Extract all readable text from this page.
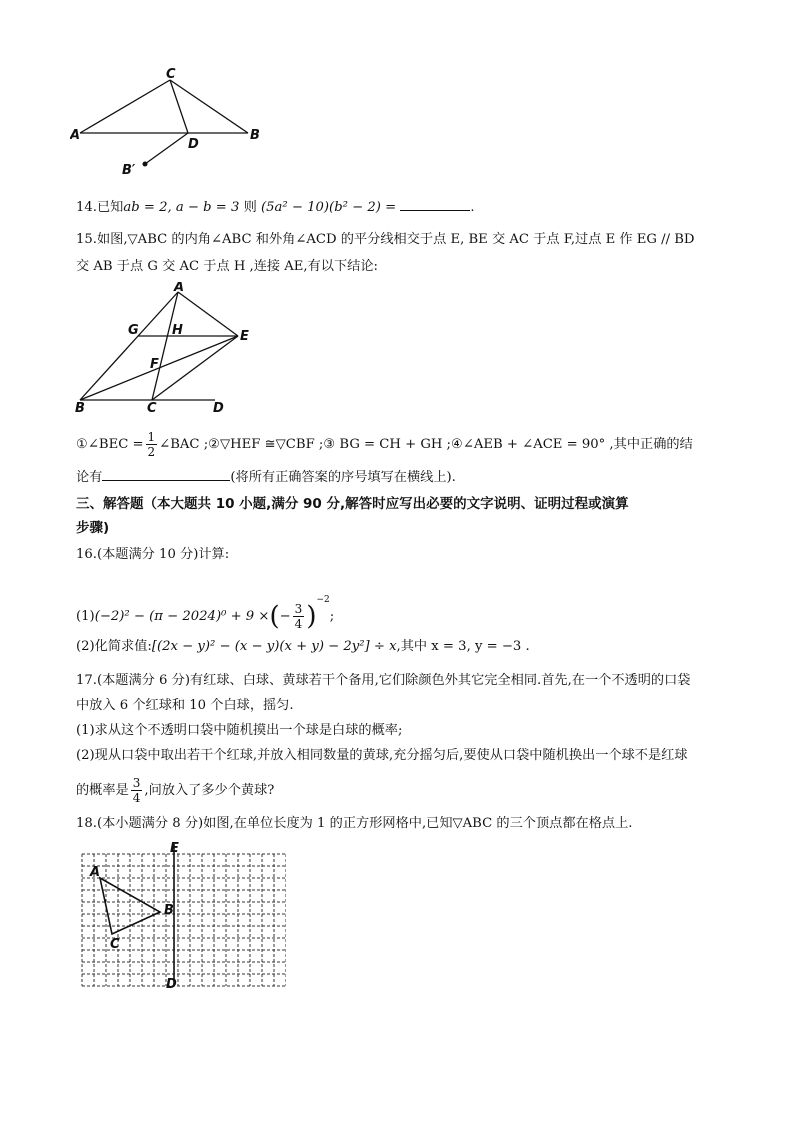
C
A	B
D
B′
14.已知ab = 2, a − b = 3 则 (5a² − 10)(b² − 2) =	.
15.如图,▽ABC 的内角∠ABC 和外角∠ACD 的平分线相交于点 E, BE 交 AC 于点 F,过点 E 作 EG // BD
交 AB 于点 G 交 AC 于点 H ,连接 AE,有以下结论:
A
G	H	E
F
B	C	D
①∠BEC = $\frac{1}{2}$ ∠BAC ;②▽HEF ≅▽CBF ;③ BG = CH + GH ;④∠AEB + ∠ACE = 90° ,其中正确的结
论有	(将所有正确答案的序号填写在横线上).
三、解答题（本大题共 10 小题,满分 90 分,解答时应写出必要的文字说明、证明过程或演算
步骤)
16.(本题满分 10 分)计算:
(1)(−2)² − (π − 2024)⁰ + 9 ×(− $\frac{3}{4} )^{-2}$;
(2)化简求值:[(2x − y)² − (x − y)(x + y) − 2y²] ÷ x,其中 x = 3, y = −3 .
17.(本题满分 6 分)有红球、白球、黄球若干个备用,它们除颜色外其它完全相同.首先,在一个不透明的口袋
中放入 6 个红球和 10 个白球，摇匀.
(1)求从这个不透明口袋中随机摸出一个球是白球的概率;
(2)现从口袋中取出若干个红球,并放入相同数量的黄球,充分摇匀后,要使从口袋中随机换出一个球不是红球
的概率是 $\frac{3}{4}$ ,问放入了多少个黄球?
18.(本小题满分 8 分)如图,在单位长度为 1 的正方形网格中,已知▽ABC 的三个顶点都在格点上.
E
A
B
C
D
